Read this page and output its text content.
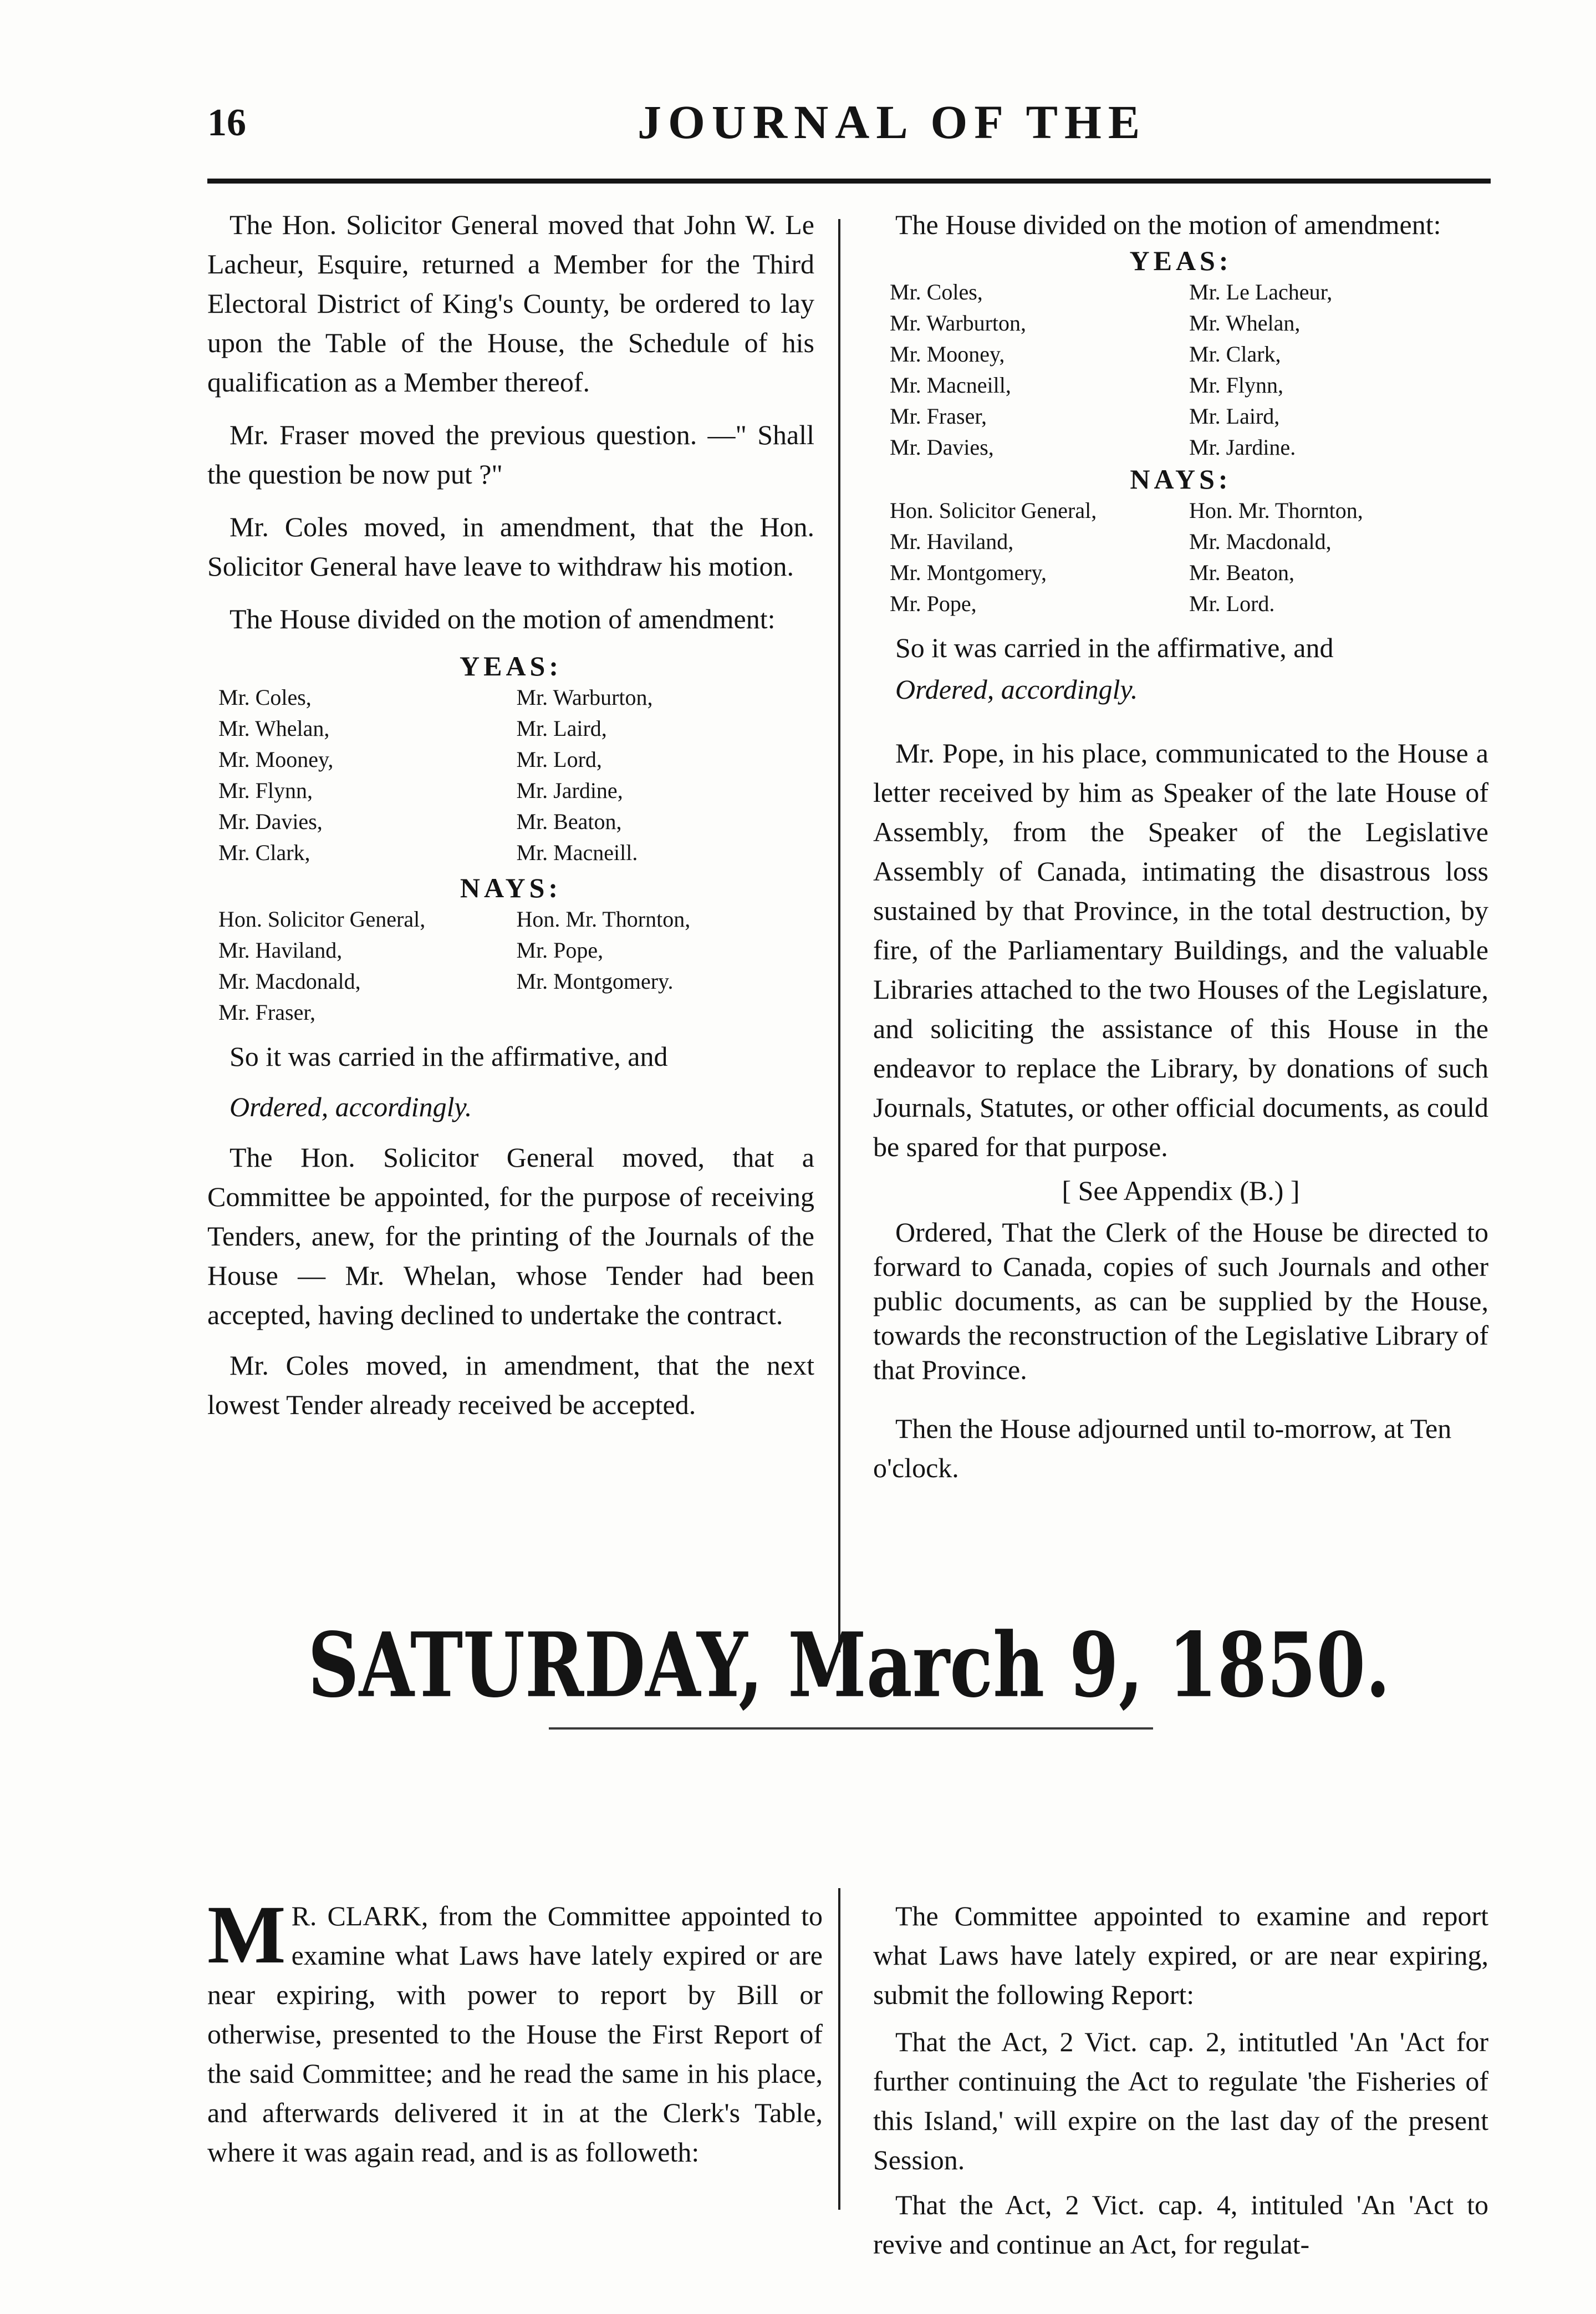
16	JOURNAL OF THE

The Hon. Solicitor General moved that John W. Le Lacheur, Esquire, returned a Member for the Third Electoral District of King's County, be ordered to lay upon the Table of the House, the Schedule of his qualification as a Member thereof.

Mr. Fraser moved the previous question. —" Shall the question be now put ?"

Mr. Coles moved, in amendment, that the Hon. Solicitor General have leave to withdraw his motion.

The House divided on the motion of amendment:

YEAS:
Mr. Coles,
Mr. Whelan,
Mr. Mooney,
Mr. Flynn,
Mr. Davies,
Mr. Clark,
Mr. Warburton,
Mr. Laird,
Mr. Lord,
Mr. Jardine,
Mr. Beaton,
Mr. Macneill.
NAYS:
Hon. Solicitor General,
Mr. Haviland,
Mr. Macdonald,
Mr. Fraser,
Hon. Mr. Thornton,
Mr. Pope,
Mr. Montgomery.

So it was carried in the affirmative, and

Ordered, accordingly.

The Hon. Solicitor General moved, that a Committee be appointed, for the purpose of receiving Tenders, anew, for the printing of the Journals of the House — Mr. Whelan, whose Tender had been accepted, having declined to undertake the contract.

Mr. Coles moved, in amendment, that the next lowest Tender already received be accepted.

The House divided on the motion of amendment:

YEAS:
Mr. Coles,
Mr. Warburton,
Mr. Mooney,
Mr. Macneill,
Mr. Fraser,
Mr. Davies,
Mr. Le Lacheur,
Mr. Whelan,
Mr. Clark,
Mr. Flynn,
Mr. Laird,
Mr. Jardine.
NAYS:
Hon. Solicitor General,
Mr. Haviland,
Mr. Montgomery,
Mr. Pope,
Hon. Mr. Thornton,
Mr. Macdonald,
Mr. Beaton,
Mr. Lord.

So it was carried in the affirmative, and

Ordered, accordingly.

Mr. Pope, in his place, communicated to the House a letter received by him as Speaker of the late House of Assembly, from the Speaker of the Legislative Assembly of Canada, intimating the disastrous loss sustained by that Province, in the total destruction, by fire, of the Parliamentary Buildings, and the valuable Libraries attached to the two Houses of the Legislature, and soliciting the assistance of this House in the endeavor to replace the Library, by donations of such Journals, Statutes, or other official documents, as could be spared for that purpose.

[ See Appendix (B.) ]

Ordered, That the Clerk of the House be directed to forward to Canada, copies of such Journals and other public documents, as can be supplied by the House, towards the reconstruction of the Legislative Library of that Province.

Then the House adjourned until to-morrow, at Ten o'clock.

SATURDAY, March 9, 1850.

M R. CLARK, from the Committee appointed to examine what Laws have lately expired or are near expiring, with power to report by Bill or otherwise, presented to the House the First Report of the said Committee; and he read the same in his place, and afterwards delivered it in at the Clerk's Table, where it was again read, and is as followeth:

The Committee appointed to examine and report what Laws have lately expired, or are near expiring, submit the following Report:

That the Act, 2 Vict. cap. 2, intitutled 'An 'Act for further continuing the Act to regulate 'the Fisheries of this Island,' will expire on the last day of the present Session.

That the Act, 2 Vict. cap. 4, intituled 'An 'Act to revive and continue an Act, for regulat-
